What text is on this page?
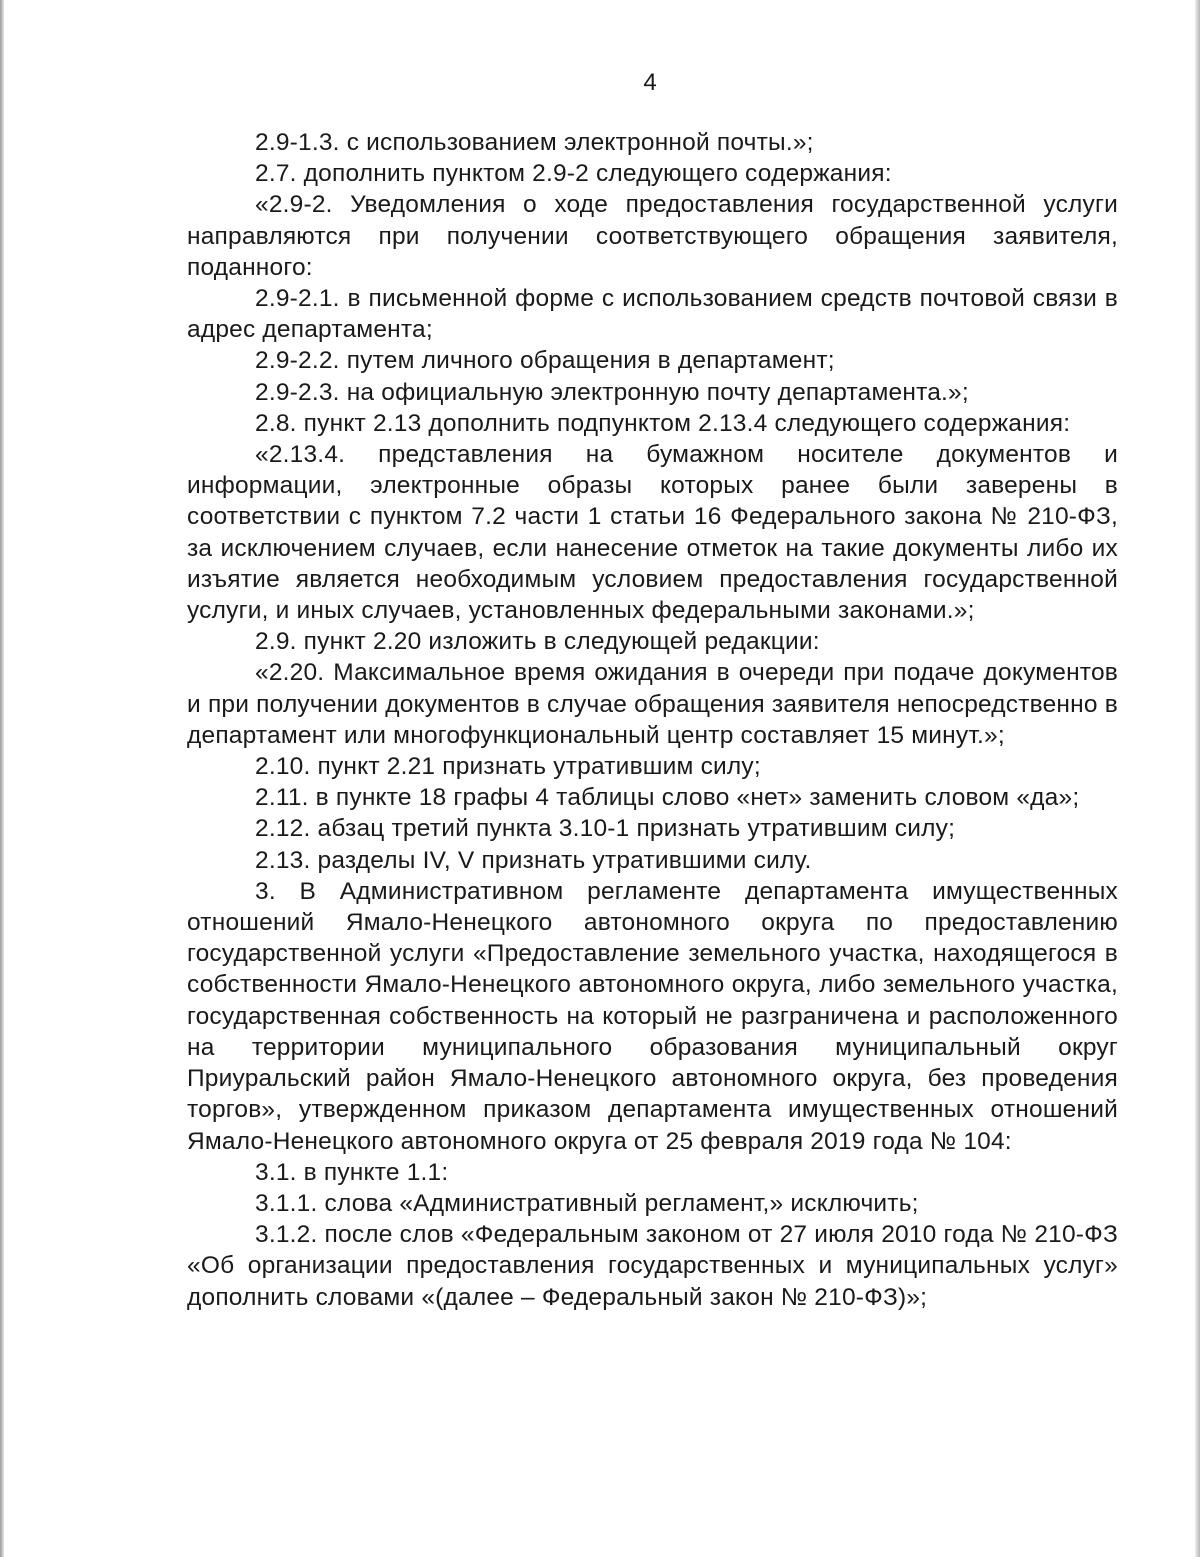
4

2.9-1.3. с использованием электронной почты.»;

2.7. дополнить пунктом 2.9-2 следующего содержания:

«2.9-2. Уведомления о ходе предоставления государственной услуги направляются при получении соответствующего обращения заявителя, поданного:

2.9-2.1. в письменной форме с использованием средств почтовой связи в адрес департамента;

2.9-2.2. путем личного обращения в департамент;

2.9-2.3. на официальную электронную почту департамента.»;

2.8. пункт 2.13 дополнить подпунктом 2.13.4 следующего содержания:

«2.13.4. представления на бумажном носителе документов и информации, электронные образы которых ранее были заверены в соответствии с пунктом 7.2 части 1 статьи 16 Федерального закона № 210-ФЗ, за исключением случаев, если нанесение отметок на такие документы либо их изъятие является необходимым условием предоставления государственной услуги, и иных случаев, установленных федеральными законами.»;

2.9. пункт 2.20 изложить в следующей редакции:

«2.20. Максимальное время ожидания в очереди при подаче документов и при получении документов в случае обращения заявителя непосредственно в департамент или многофункциональный центр составляет 15 минут.»;

2.10. пункт 2.21 признать утратившим силу;

2.11. в пункте 18 графы 4 таблицы слово «нет» заменить словом «да»;

2.12. абзац третий пункта 3.10-1 признать утратившим силу;

2.13. разделы IV, V признать утратившими силу.

3. В Административном регламенте департамента имущественных отношений Ямало-Ненецкого автономного округа по предоставлению государственной услуги «Предоставление земельного участка, находящегося в собственности Ямало-Ненецкого автономного округа, либо земельного участка, государственная собственность на который не разграничена и расположенного на территории муниципального образования муниципальный округ Приуральский район Ямало-Ненецкого автономного округа, без проведения торгов», утвержденном приказом департамента имущественных отношений Ямало-Ненецкого автономного округа от 25 февраля 2019 года № 104:

3.1. в пункте 1.1:

3.1.1. слова «Административный регламент,» исключить;

3.1.2. после слов «Федеральным законом от 27 июля 2010 года № 210-ФЗ «Об организации предоставления государственных и муниципальных услуг» дополнить словами «(далее – Федеральный закон № 210-ФЗ)»;
